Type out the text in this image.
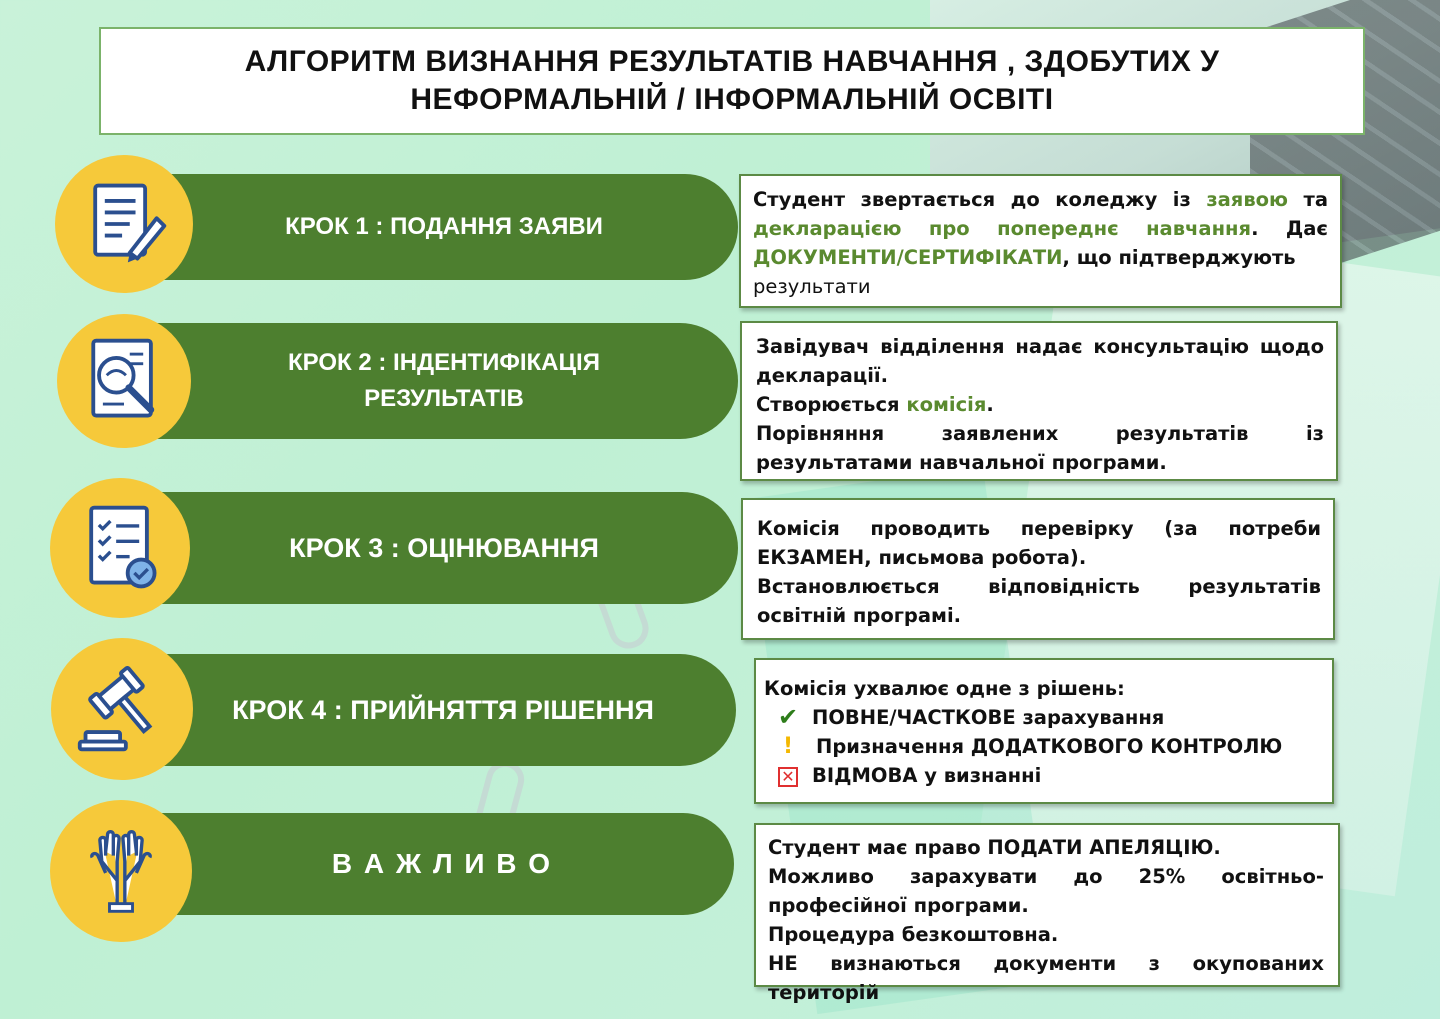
АЛГОРИТМ ВИЗНАННЯ РЕЗУЛЬТАТІВ НАВЧАННЯ , ЗДОБУТИХ У
НЕФОРМАЛЬНІЙ / ІНФОРМАЛЬНІЙ ОСВІТІ
КРОК 1 : ПОДАННЯ ЗАЯВИ

Студент звертається до коледжу із заявою та декларацією про попереднє навчання. Дає ДОКУМЕНТИ/СЕРТИФІКАТИ, що підтверджують

результати

КРОК 2 : ІНДЕНТИФІКАЦІЯ
РЕЗУЛЬТАТІВ

Завідувач відділення надає консультацію щодо декларації.

Створюється комісія.

Порівняння заявлених результатів із результатами навчальної програми.

КРОК 3 : ОЦІНЮВАННЯ

Комісія проводить перевірку (за потреби ЕКЗАМЕН, письмова робота).

Встановлюється відповідність результатів освітній програмі.

КРОК 4 : ПРИЙНЯТТЯ РІШЕННЯ

Комісія ухвалює одне з рішень:

✔ ПОВНЕ/ЧАСТКОВЕ зарахування
!	Призначення ДОДАТКОВОГО КОНТРОЛЮ
✕ ВІДМОВА у визнанні
В А Ж Л И В О

Студент має право ПОДАТИ АПЕЛЯЦІЮ.

Можливо зарахувати до 25% освітньо-професійної програми.

Процедура безкоштовна.

НЕ визнаються документи з окупованих територій
